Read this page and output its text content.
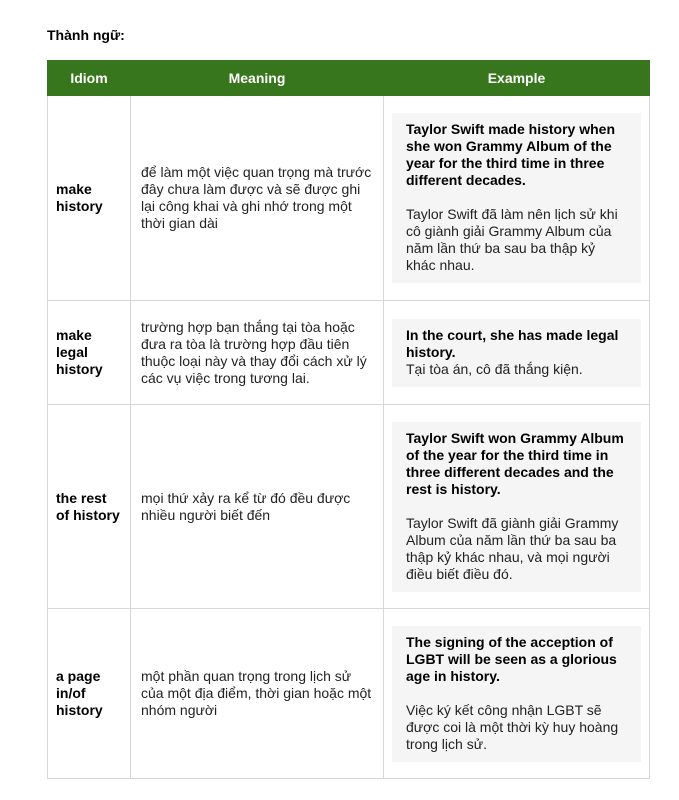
Thành ngữ:
Idiom	Meaning	Example
make history	để làm một việc quan trọng mà trước đây chưa làm được và sẽ được ghi lại công khai và ghi nhớ trong một thời gian dài	Taylor Swift made history when she won Grammy Album of the year for the third time in three different decades.

Taylor Swift đã làm nên lịch sử khi cô giành giải Grammy Album của năm lần thứ ba sau ba thập kỷ khác nhau.

make legal history	trường hợp bạn thắng tại tòa hoặc đưa ra tòa là trường hợp đầu tiên thuộc loại này và thay đổi cách xử lý các vụ việc trong tương lai.	In the court, she has made legal history.

Tại tòa án, cô đã thắng kiện.

the rest of history	mọi thứ xảy ra kể từ đó đều được nhiều người biết đến	Taylor Swift won Grammy Album of the year for the third time in three different decades and the rest is history.

Taylor Swift đã giành giải Grammy Album của năm lần thứ ba sau ba thập kỷ khác nhau, và mọi người điều biết điều đó.

a page in/of history	một phần quan trọng trong lịch sử của một địa điểm, thời gian hoặc một nhóm người	The signing of the acception of LGBT will be seen as a glorious age in history.

Việc ký kết công nhận LGBT sẽ được coi là một thời kỳ huy hoàng trong lịch sử.
